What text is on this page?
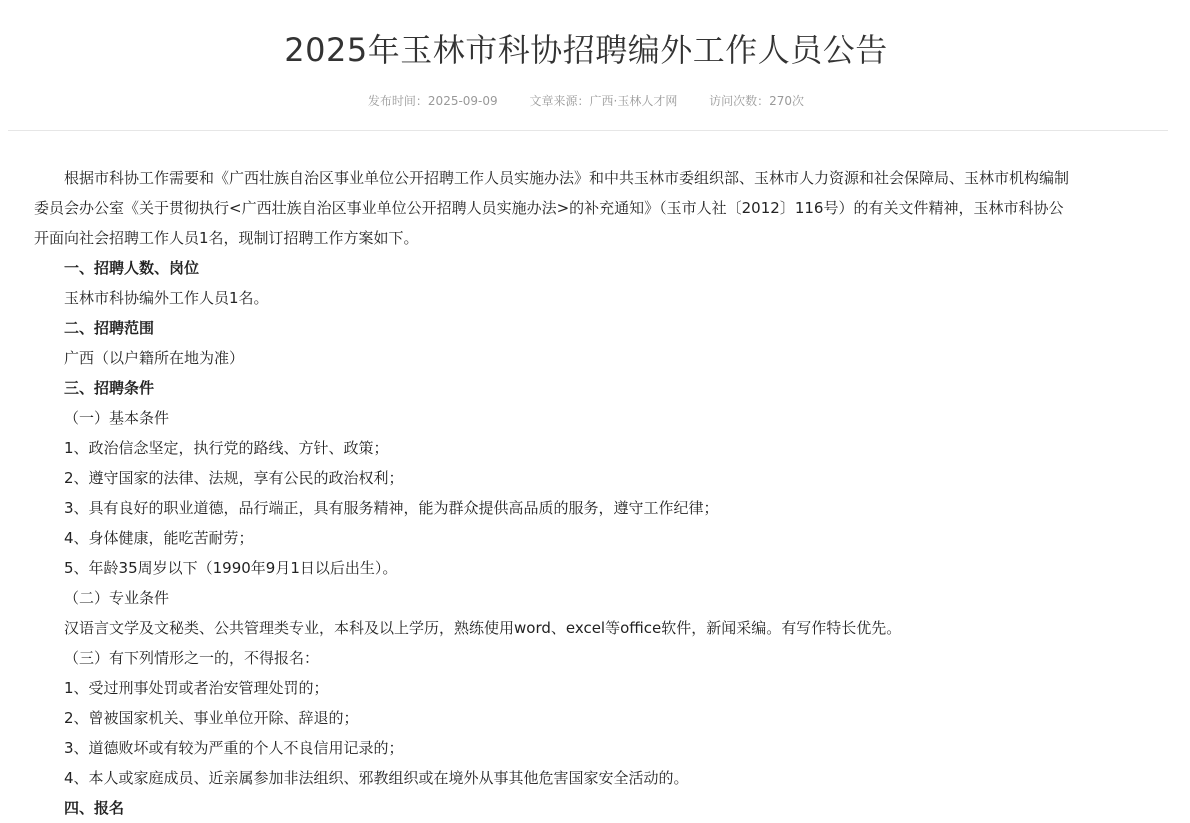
2025年玉林市科协招聘编外工作人员公告
发布时间：2025-09-09	文章来源：广西·玉林人才网	访问次数：270次

根据市科协工作需要和《广西壮族自治区事业单位公开招聘工作人员实施办法》和中共玉林市委组织部、玉林市人力资源和社会保障局、玉林市机构编制

委员会办公室《关于贯彻执行<广西壮族自治区事业单位公开招聘人员实施办法>的补充通知》（玉市人社〔2012〕116号）的有关文件精神，玉林市科协公

开面向社会招聘工作人员1名，现制订招聘工作方案如下。

一、招聘人数、岗位

玉林市科协编外工作人员1名。

二、招聘范围

广西（以户籍所在地为准）

三、招聘条件

（一）基本条件

1、政治信念坚定，执行党的路线、方针、政策；

2、遵守国家的法律、法规，享有公民的政治权利；

3、具有良好的职业道德，品行端正，具有服务精神，能为群众提供高品质的服务，遵守工作纪律；

4、身体健康，能吃苦耐劳；

5、年龄35周岁以下（1990年9月1日以后出生）。

（二）专业条件

汉语言文学及文秘类、公共管理类专业，本科及以上学历，熟练使用word、excel等office软件，新闻采编。有写作特长优先。

（三）有下列情形之一的，不得报名：

1、受过刑事处罚或者治安管理处罚的；

2、曾被国家机关、事业单位开除、辞退的；

3、道德败坏或有较为严重的个人不良信用记录的；

4、本人或家庭成员、近亲属参加非法组织、邪教组织或在境外从事其他危害国家安全活动的。

四、报名
